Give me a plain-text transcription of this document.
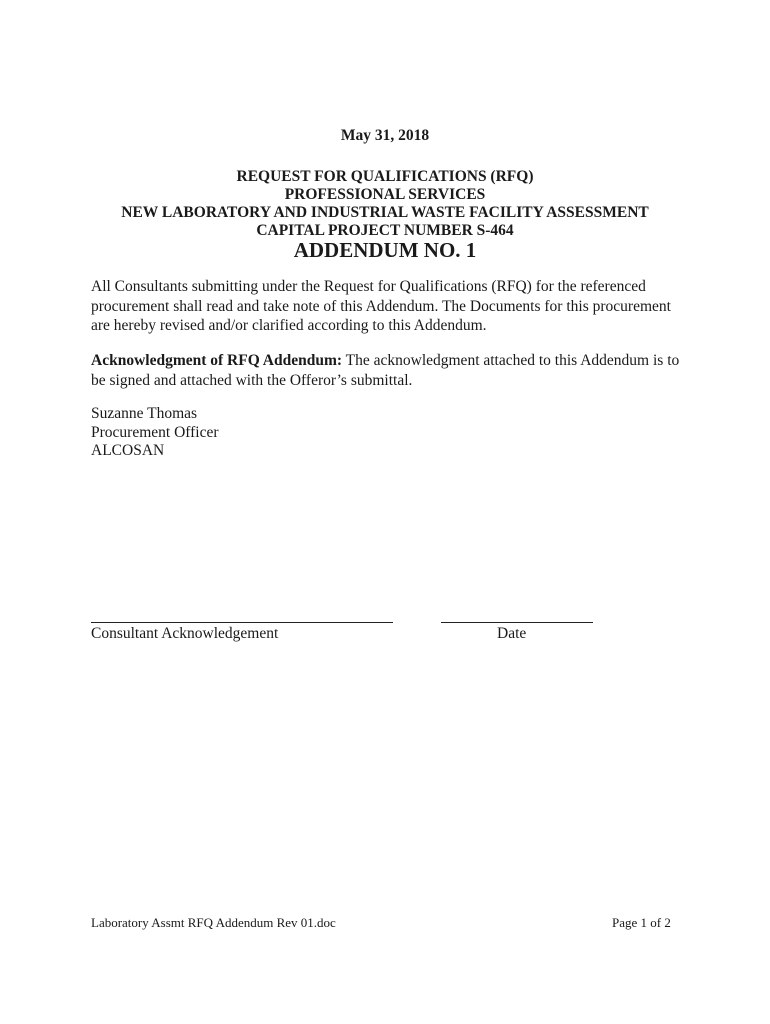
May 31, 2018
REQUEST FOR QUALIFICATIONS (RFQ)
PROFESSIONAL SERVICES
NEW LABORATORY AND INDUSTRIAL WASTE FACILITY ASSESSMENT
CAPITAL PROJECT NUMBER S-464
ADDENDUM NO. 1
All Consultants submitting under the Request for Qualifications (RFQ) for the referenced procurement shall read and take note of this Addendum. The Documents for this procurement are hereby revised and/or clarified according to this Addendum.
Acknowledgment of RFQ Addendum: The acknowledgment attached to this Addendum is to be signed and attached with the Offeror’s submittal.
Suzanne Thomas
Procurement Officer
ALCOSAN
Consultant Acknowledgement	Date
Laboratory Assmt RFQ Addendum Rev 01.doc	Page 1 of 2
